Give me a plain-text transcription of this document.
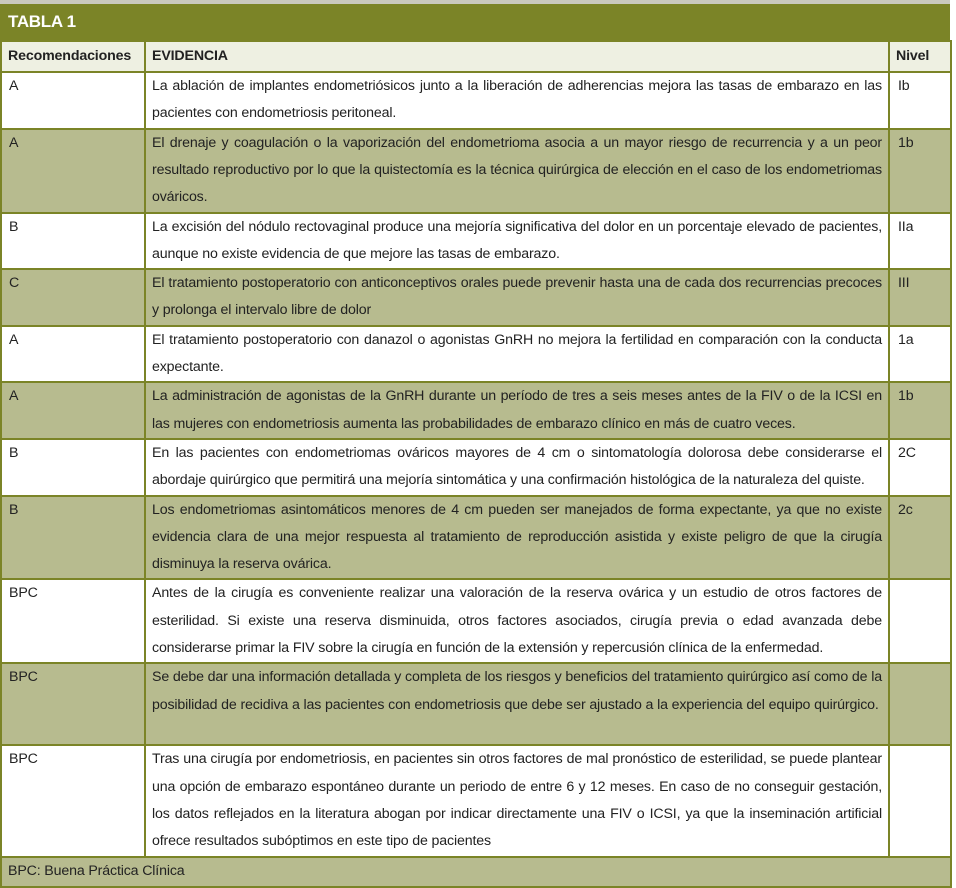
TABLA 1
Recomendaciones	EVIDENCIA	Nivel
A	La ablación de implantes endometriósicos junto a la liberación de adherencias mejora las tasas de embarazo en las pacientes con endometriosis peritoneal.	Ib
A	El drenaje y coagulación o la vaporización del endometrioma asocia a un mayor riesgo de recurrencia y a un peor resultado reproductivo por lo que la quistectomía es la técnica quirúrgica de elección en el caso de los endometriomas ováricos.	1b
B	La excisión del nódulo rectovaginal produce una mejoría significativa del dolor en un porcentaje elevado de pacientes, aunque no existe evidencia de que mejore las tasas de embarazo.	IIa
C	El tratamiento postoperatorio con anticonceptivos orales puede prevenir hasta una de cada dos recurrencias precoces y prolonga el intervalo libre de dolor	III
A	El tratamiento postoperatorio con danazol o agonistas GnRH no mejora la fertilidad en comparación con la conducta expectante.	1a
A	La administración de agonistas de la GnRH durante un período de tres a seis meses antes de la FIV o de la ICSI en las mujeres con endometriosis aumenta las probabilidades de embarazo clínico en más de cuatro veces.	1b
B	En las pacientes con endometriomas ováricos mayores de 4 cm o sintomatología dolorosa debe considerarse el abordaje quirúrgico que permitirá una mejoría sintomática y una confirmación histológica de la naturaleza del quiste.	2C
B	Los endometriomas asintomáticos menores de 4 cm pueden ser manejados de forma expectante, ya que no existe evidencia clara de una mejor respuesta al tratamiento de reproducción asistida y existe peligro de que la cirugía disminuya la reserva ovárica.	2c
BPC	Antes de la cirugía es conveniente realizar una valoración de la reserva ovárica y un estudio de otros factores de esterilidad. Si existe una reserva disminuida, otros factores asociados, cirugía previa o edad avanzada debe considerarse primar la FIV sobre la cirugía en función de la extensión y repercusión clínica de la enfermedad.	
BPC	Se debe dar una información detallada y completa de los riesgos y beneficios del tratamiento quirúrgico así como de la posibilidad de recidiva a las pacientes con endometriosis que debe ser ajustado a la experiencia del equipo quirúrgico.	
BPC	Tras una cirugía por endometriosis, en pacientes sin otros factores de mal pronóstico de esterilidad, se puede plantear una opción de embarazo espontáneo durante un periodo de entre 6 y 12 meses. En caso de no conseguir gestación, los datos reflejados en la literatura abogan por indicar directamente una FIV o ICSI, ya que la inseminación artificial ofrece resultados subóptimos en este tipo de pacientes	
BPC: Buena Práctica Clínica		
